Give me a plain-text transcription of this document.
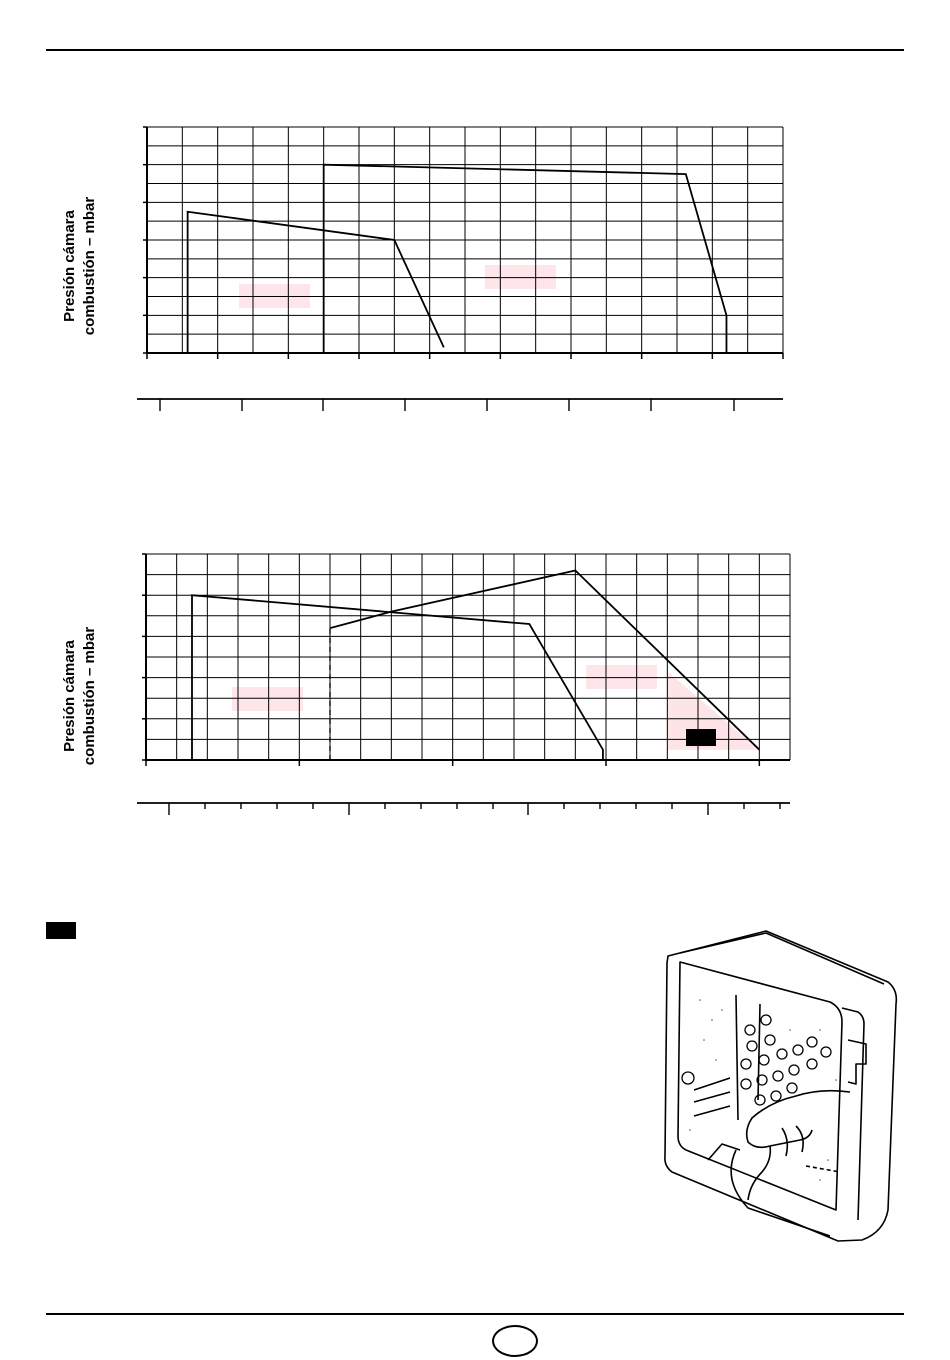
Presión cámara combustión – mbar
Presión cámara combustión – mbar
